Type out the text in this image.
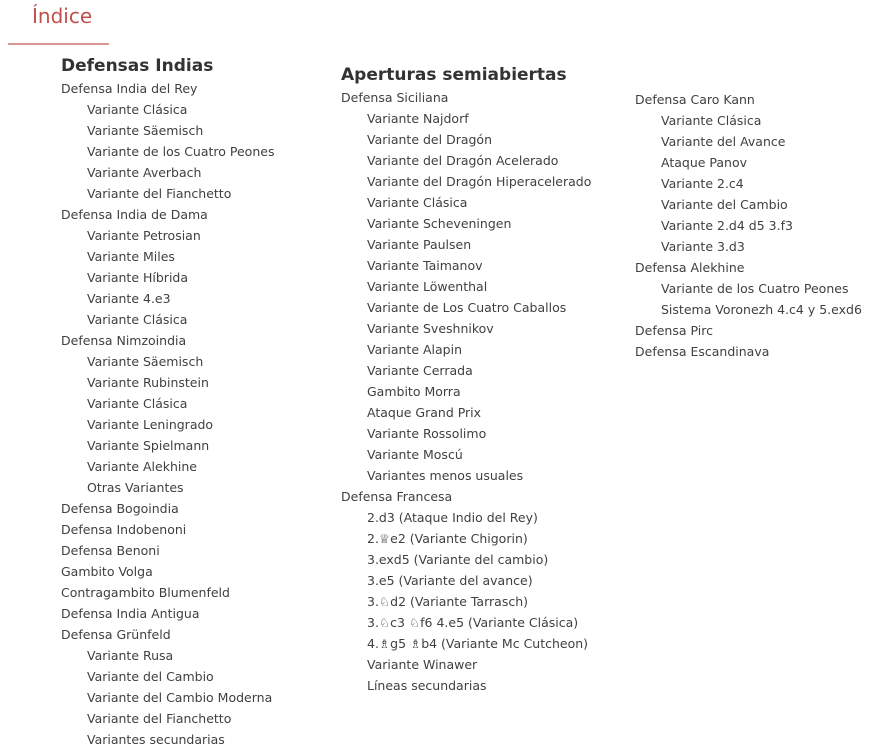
Índice
Defensas Indias
Defensa India del Rey
Variante Clásica
Variante Säemisch
Variante de los Cuatro Peones
Variante Averbach
Variante del Fianchetto
Defensa India de Dama
Variante Petrosian
Variante Miles
Variante Híbrida
Variante 4.e3
Variante Clásica
Defensa Nimzoindia
Variante Säemisch
Variante Rubinstein
Variante Clásica
Variante Leningrado
Variante Spielmann
Variante Alekhine
Otras Variantes
Defensa Bogoindia
Defensa Indobenoni
Defensa Benoni
Gambito Volga
Contragambito Blumenfeld
Defensa India Antigua
Defensa Grünfeld
Variante Rusa
Variante del Cambio
Variante del Cambio Moderna
Variante del Fianchetto
Variantes secundarias
Aperturas semiabiertas
Defensa Siciliana
Variante Najdorf
Variante del Dragón
Variante del Dragón Acelerado
Variante del Dragón Hiperacelerado
Variante Clásica
Variante Scheveningen
Variante Paulsen
Variante Taimanov
Variante Löwenthal
Variante de Los Cuatro Caballos
Variante Sveshnikov
Variante Alapin
Variante Cerrada
Gambito Morra
Ataque Grand Prix
Variante Rossolimo
Variante Moscú
Variantes menos usuales
Defensa Francesa
2.d3 (Ataque Indio del Rey)
2.♕e2 (Variante Chigorin)
3.exd5 (Variante del cambio)
3.e5 (Variante del avance)
3.♘d2 (Variante Tarrasch)
3.♘c3 ♘f6 4.e5 (Variante Clásica)
4.♗g5 ♗b4 (Variante Mc Cutcheon)
Variante Winawer
Líneas secundarias
Defensa Caro Kann
Variante Clásica
Variante del Avance
Ataque Panov
Variante 2.c4
Variante del Cambio
Variante 2.d4 d5 3.f3
Variante 3.d3
Defensa Alekhine
Variante de los Cuatro Peones
Sistema Voronezh 4.c4 y 5.exd6
Defensa Pirc
Defensa Escandinava
